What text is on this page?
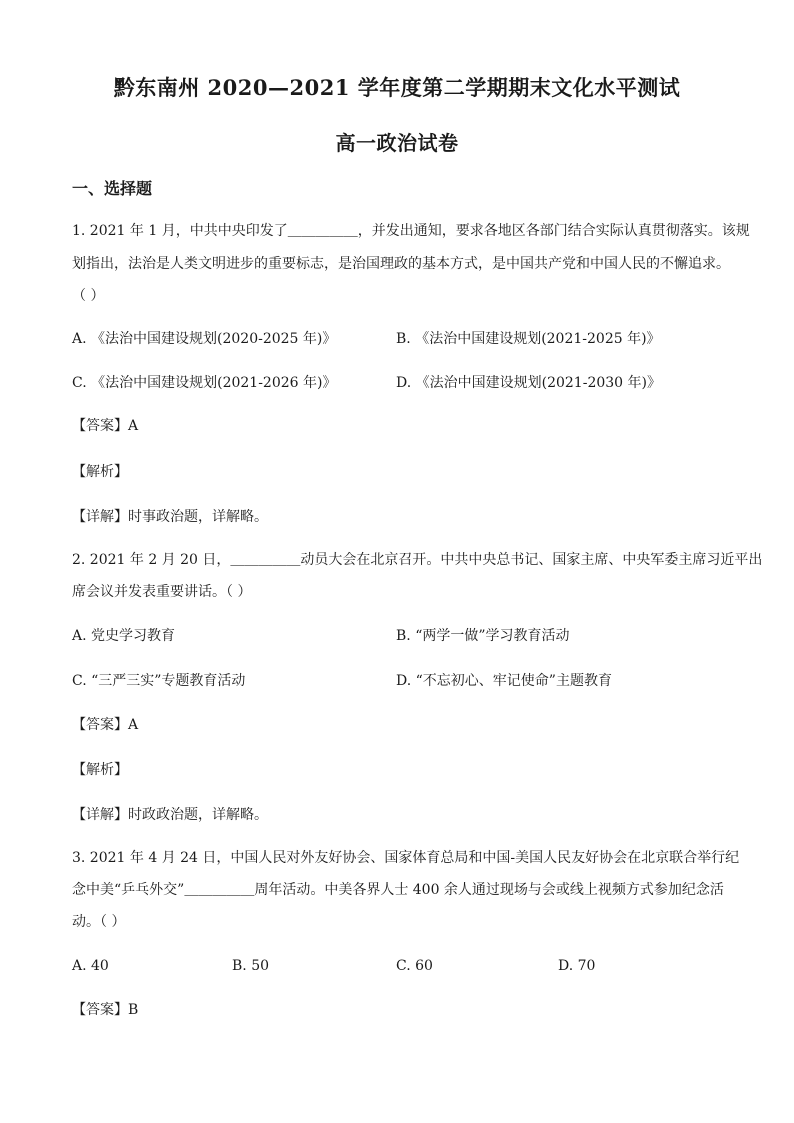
黔东南州 2020—2021 学年度第二学期期末文化水平测试
高一政治试卷
一、选择题
1. 2021 年 1 月，中共中央印发了＿＿＿＿＿，并发出通知，要求各地区各部门结合实际认真贯彻落实。该规
划指出，法治是人类文明进步的重要标志，是治国理政的基本方式，是中国共产党和中国人民的不懈追求。
（ ）
A. 《法治中国建设规划(2020-2025 年)》	B. 《法治中国建设规划(2021-2025 年)》
C. 《法治中国建设规划(2021-2026 年)》	D. 《法治中国建设规划(2021-2030 年)》
【答案】A
【解析】
【详解】时事政治题，详解略。
2. 2021 年 2 月 20 日，＿＿＿＿＿动员大会在北京召开。中共中央总书记、国家主席、中央军委主席习近平出
席会议并发表重要讲话。（ ）
A. 党史学习教育	B. “两学一做”学习教育活动
C. “三严三实”专题教育活动	D. “不忘初心、牢记使命”主题教育
【答案】A
【解析】
【详解】时政政治题，详解略。
3. 2021 年 4 月 24 日，中国人民对外友好协会、国家体育总局和中国-美国人民友好协会在北京联合举行纪
念中美“乒乓外交”＿＿＿＿＿周年活动。中美各界人士 400 余人通过现场与会或线上视频方式参加纪念活
动。（ ）
A. 40	B. 50	C. 60	D. 70
【答案】B
